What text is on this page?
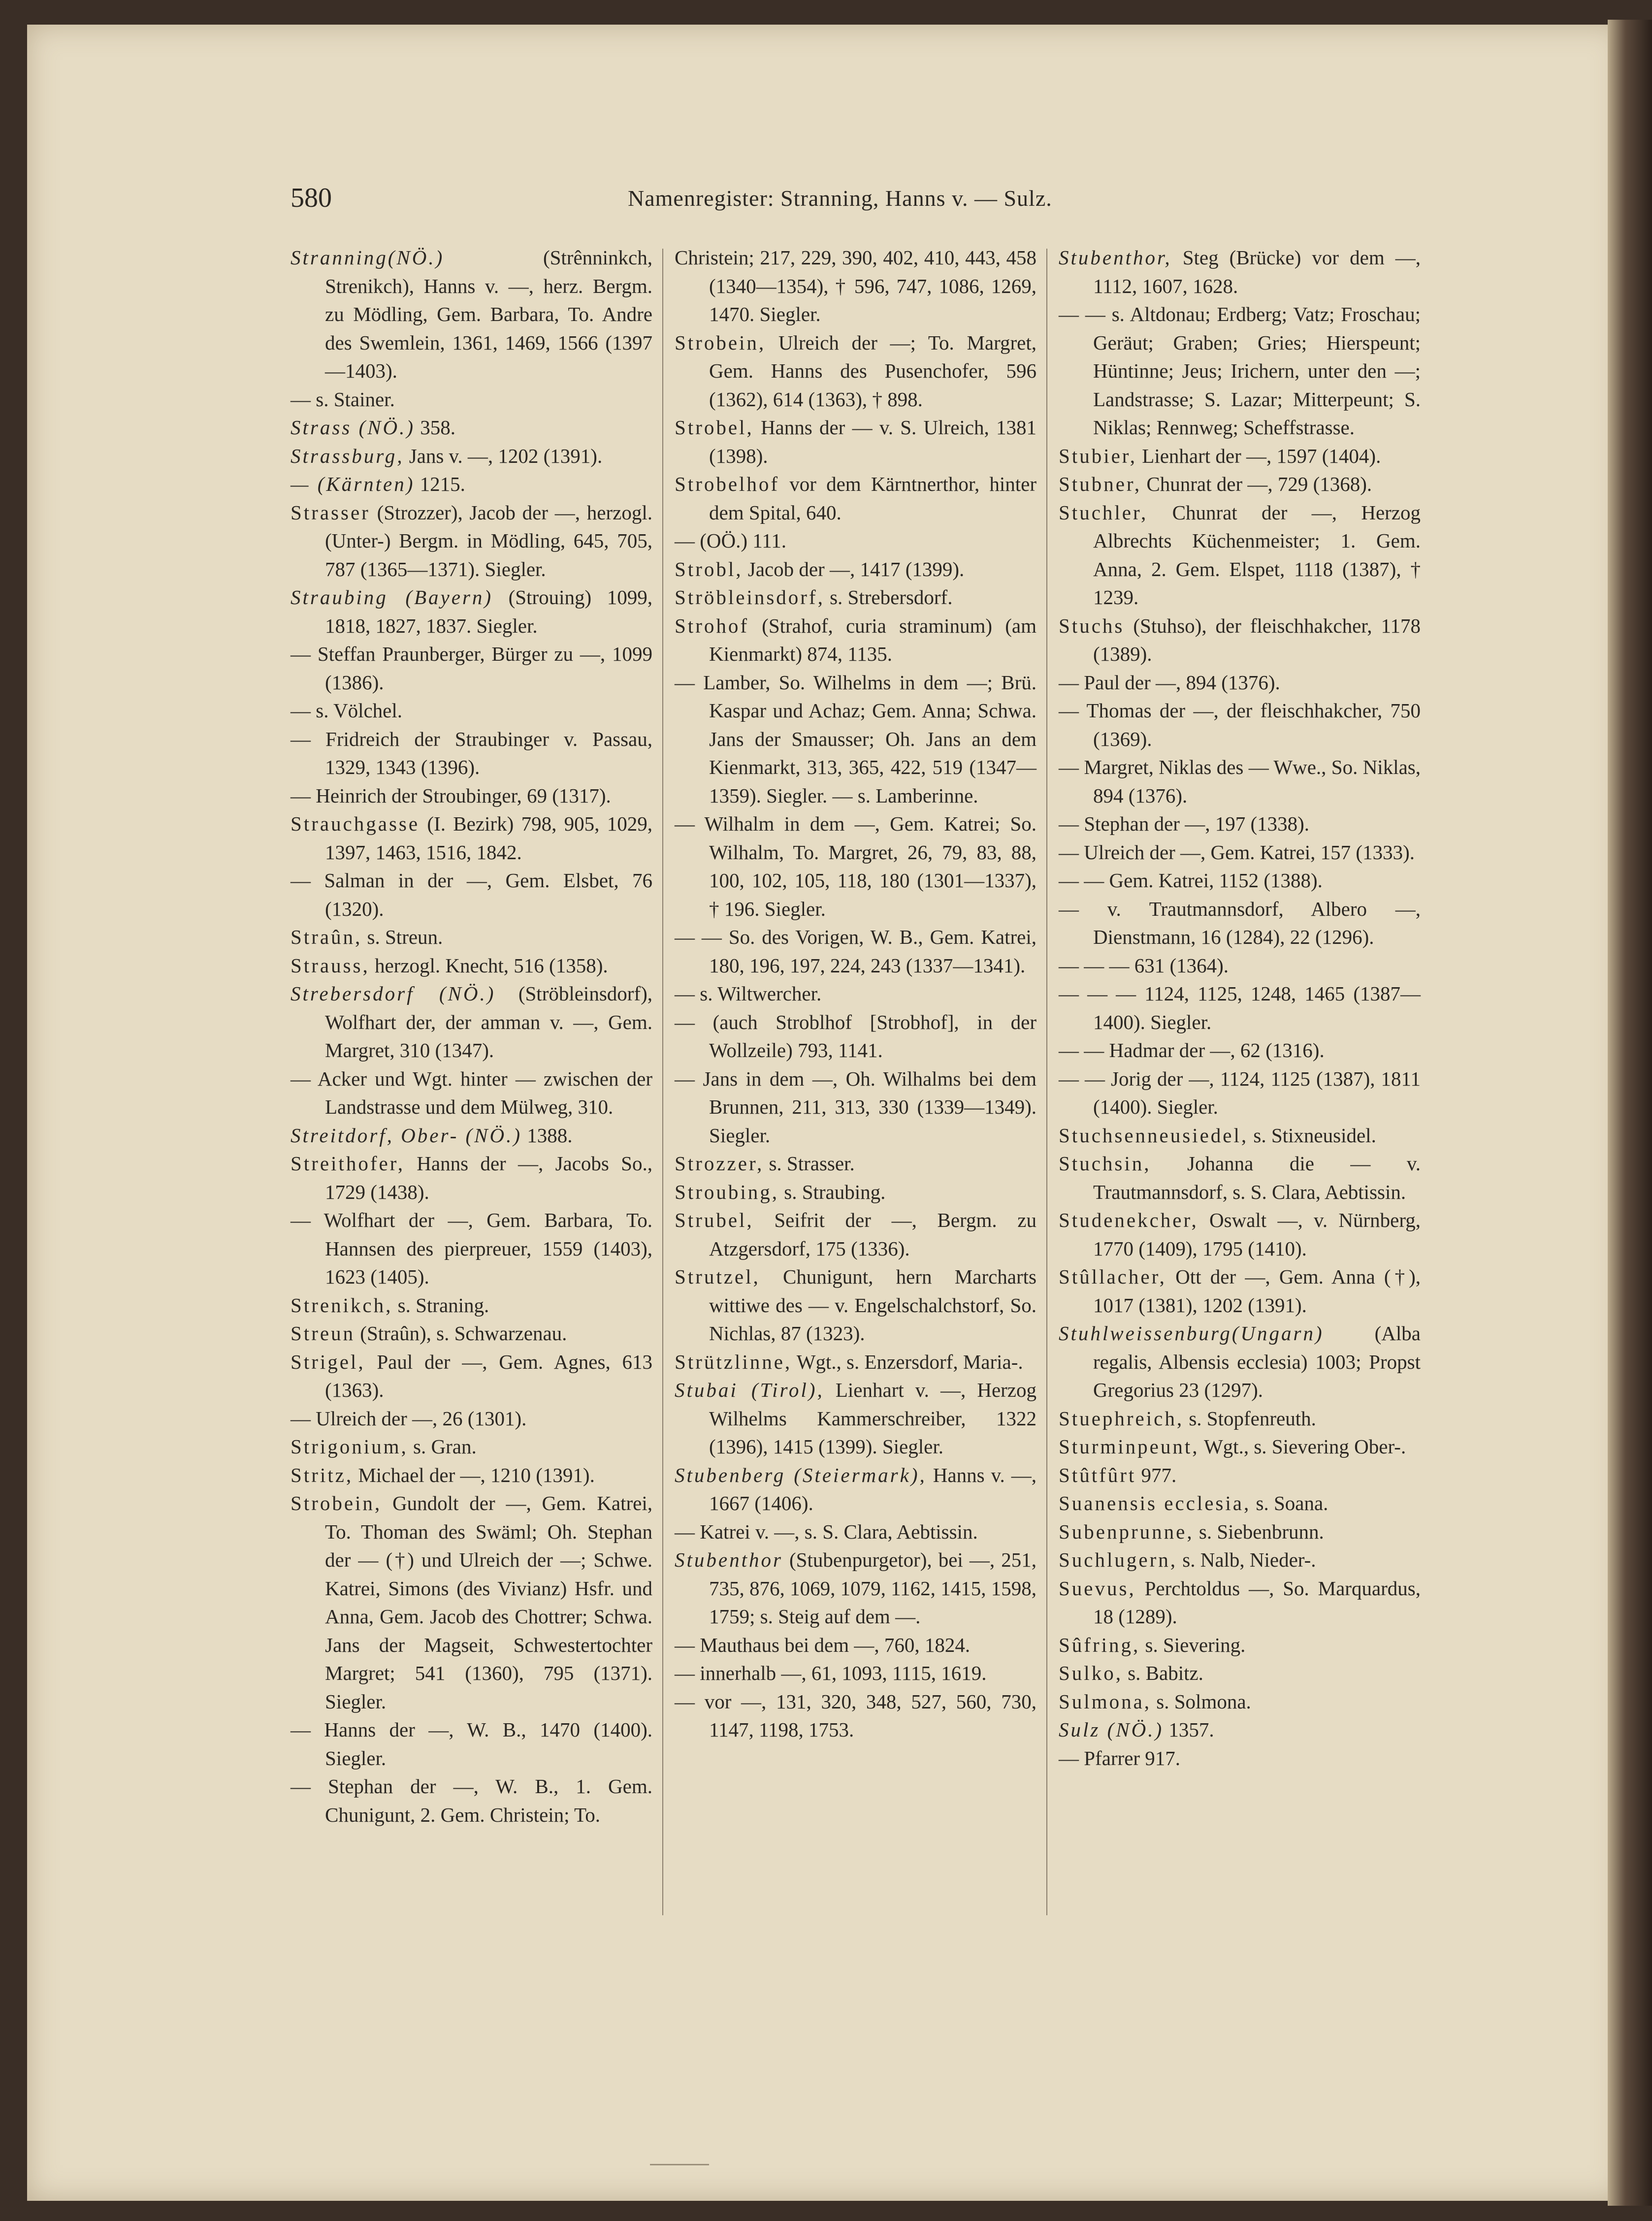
580	Namenregister: Stranning, Hanns v. — Sulz.

Stranning(NÖ.)	(Strênninkch, Strenikch), Hanns v. —, herz. Bergm. zu Mödling, Gem. Barbara, To. Andre des Swemlein, 1361, 1469, 1566 (1397—1403).

— s. Stainer.

Strass (NÖ.) 358.

Strassburg, Jans v. —, 1202 (1391).

— (Kärnten) 1215.

Strasser (Strozzer), Jacob der —, herzogl. (Unter-) Bergm. in Mödling, 645, 705, 787 (1365—1371). Siegler.

Straubing (Bayern) (Strouing) 1099, 1818, 1827, 1837. Siegler.

— Steffan Praunberger, Bürger zu —, 1099 (1386).

— s. Völchel.

— Fridreich der Straubinger v. Passau, 1329, 1343 (1396).

— Heinrich der Stroubinger, 69 (1317).

Strauchgasse (I. Bezirk) 798, 905, 1029, 1397, 1463, 1516, 1842.

— Salman in der —, Gem. Elsbet, 76 (1320).

Straûn, s. Streun.

Strauss, herzogl. Knecht, 516 (1358).

Strebersdorf (NÖ.) (Ströbleinsdorf), Wolfhart der, der amman v. —, Gem. Margret, 310 (1347).

— Acker und Wgt. hinter — zwischen der Landstrasse und dem Mülweg, 310.

Streitdorf, Ober- (NÖ.) 1388.

Streithofer, Hanns der —, Jacobs So., 1729 (1438).

— Wolfhart der —, Gem. Barbara, To. Hannsen des pierpreuer, 1559 (1403), 1623 (1405).

Strenikch, s. Straning.

Streun (Straûn), s. Schwarzenau.

Strigel, Paul der —, Gem. Agnes, 613 (1363).

— Ulreich der —, 26 (1301).

Strigonium, s. Gran.

Stritz, Michael der —, 1210 (1391).

Strobein, Gundolt der —, Gem. Katrei, To. Thoman des Swäml; Oh. Stephan der — (†) und Ulreich der —; Schwe. Katrei, Simons (des Vivianz) Hsfr. und Anna, Gem. Jacob des Chottrer; Schwa. Jans der Magseit, Schwestertochter Margret; 541 (1360), 795 (1371). Siegler.

— Hanns der —, W. B., 1470 (1400). Siegler.

— Stephan der —, W. B., 1. Gem. Chunigunt, 2. Gem. Christein; To.

Christein; 217, 229, 390, 402, 410, 443, 458 (1340—1354), † 596, 747, 1086, 1269, 1470. Siegler.

Strobein, Ulreich der —; To. Margret, Gem. Hanns des Pusenchofer, 596 (1362), 614 (1363), † 898.

Strobel, Hanns der — v. S. Ulreich, 1381 (1398).

Strobelhof vor dem Kärntnerthor, hinter dem Spital, 640.

— (OÖ.) 111.

Strobl, Jacob der —, 1417 (1399).

Ströbleinsdorf, s. Strebersdorf.

Strohof (Strahof, curia straminum) (am Kienmarkt) 874, 1135.

— Lamber, So. Wilhelms in dem —; Brü. Kaspar und Achaz; Gem. Anna; Schwa. Jans der Smausser; Oh. Jans an dem Kienmarkt, 313, 365, 422, 519 (1347—1359). Siegler. — s. Lamberinne.

— Wilhalm in dem —, Gem. Katrei; So. Wilhalm, To. Margret, 26, 79, 83, 88, 100, 102, 105, 118, 180 (1301—1337), † 196. Siegler.

— — So. des Vorigen, W. B., Gem. Katrei, 180, 196, 197, 224, 243 (1337—1341).

— s. Wiltwercher.

— (auch Stroblhof [Strobhof], in der Wollzeile) 793, 1141.

— Jans in dem —, Oh. Wilhalms bei dem Brunnen, 211, 313, 330 (1339—1349). Siegler.

Strozzer, s. Strasser.

Stroubing, s. Straubing.

Strubel, Seifrit der —, Bergm. zu Atzgersdorf, 175 (1336).

Strutzel, Chunigunt, hern Marcharts wittiwe des — v. Engelschalchstorf, So. Nichlas, 87 (1323).

Strützlinne, Wgt., s. Enzersdorf, Maria-.

Stubai (Tirol), Lienhart v. —, Herzog Wilhelms Kammerschreiber, 1322 (1396), 1415 (1399). Siegler.

Stubenberg (Steiermark), Hanns v. —, 1667 (1406).

— Katrei v. —, s. S. Clara, Aebtissin.

Stubenthor (Stubenpurgetor), bei —, 251, 735, 876, 1069, 1079, 1162, 1415, 1598, 1759; s. Steig auf dem —.

— Mauthaus bei dem —, 760, 1824.

— innerhalb —, 61, 1093, 1115, 1619.

— vor —, 131, 320, 348, 527, 560, 730, 1147, 1198, 1753.

Stubenthor, Steg (Brücke) vor dem —, 1112, 1607, 1628.

— — s. Altdonau; Erdberg; Vatz; Froschau; Geräut; Graben; Gries; Hierspeunt; Hüntinne; Jeus; Irichern, unter den —; Landstrasse; S. Lazar; Mitterpeunt; S. Niklas; Rennweg; Scheffstrasse.

Stubier, Lienhart der —, 1597 (1404).

Stubner, Chunrat der —, 729 (1368).

Stuchler, Chunrat der —, Herzog Albrechts Küchenmeister; 1. Gem. Anna, 2. Gem. Elspet, 1118 (1387), † 1239.

Stuchs (Stuhso), der fleischhakcher, 1178 (1389).

— Paul der —, 894 (1376).

— Thomas der —, der fleischhakcher, 750 (1369).

— Margret, Niklas des — Wwe., So. Niklas, 894 (1376).

— Stephan der —, 197 (1338).

— Ulreich der —, Gem. Katrei, 157 (1333).

— — Gem. Katrei, 1152 (1388).

— v. Trautmannsdorf, Albero —, Dienstmann, 16 (1284), 22 (1296).

— — — 631 (1364).

— — — 1124, 1125, 1248, 1465 (1387—1400). Siegler.

— — Hadmar der —, 62 (1316).

— — Jorig der —, 1124, 1125 (1387), 1811 (1400). Siegler.

Stuchsenneusiedel, s. Stixneusidel.

Stuchsin, Johanna die — v. Trautmannsdorf, s. S. Clara, Aebtissin.

Studenekcher, Oswalt —, v. Nürnberg, 1770 (1409), 1795 (1410).

Stûllacher, Ott der —, Gem. Anna (†), 1017 (1381), 1202 (1391).

Stuhlweissenburg(Ungarn)	(Alba regalis, Albensis ecclesia) 1003; Propst Gregorius 23 (1297).

Stuephreich, s. Stopfenreuth.

Sturminpeunt, Wgt., s. Sievering Ober-.

Stûtfûrt 977.

Suanensis ecclesia, s. Soana.

Subenprunne, s. Siebenbrunn.

Suchlugern, s. Nalb, Nieder-.

Suevus, Perchtoldus —, So. Marquardus, 18 (1289).

Sûfring, s. Sievering.

Sulko, s. Babitz.

Sulmona, s. Solmona.

Sulz (NÖ.) 1357.

— Pfarrer 917.
